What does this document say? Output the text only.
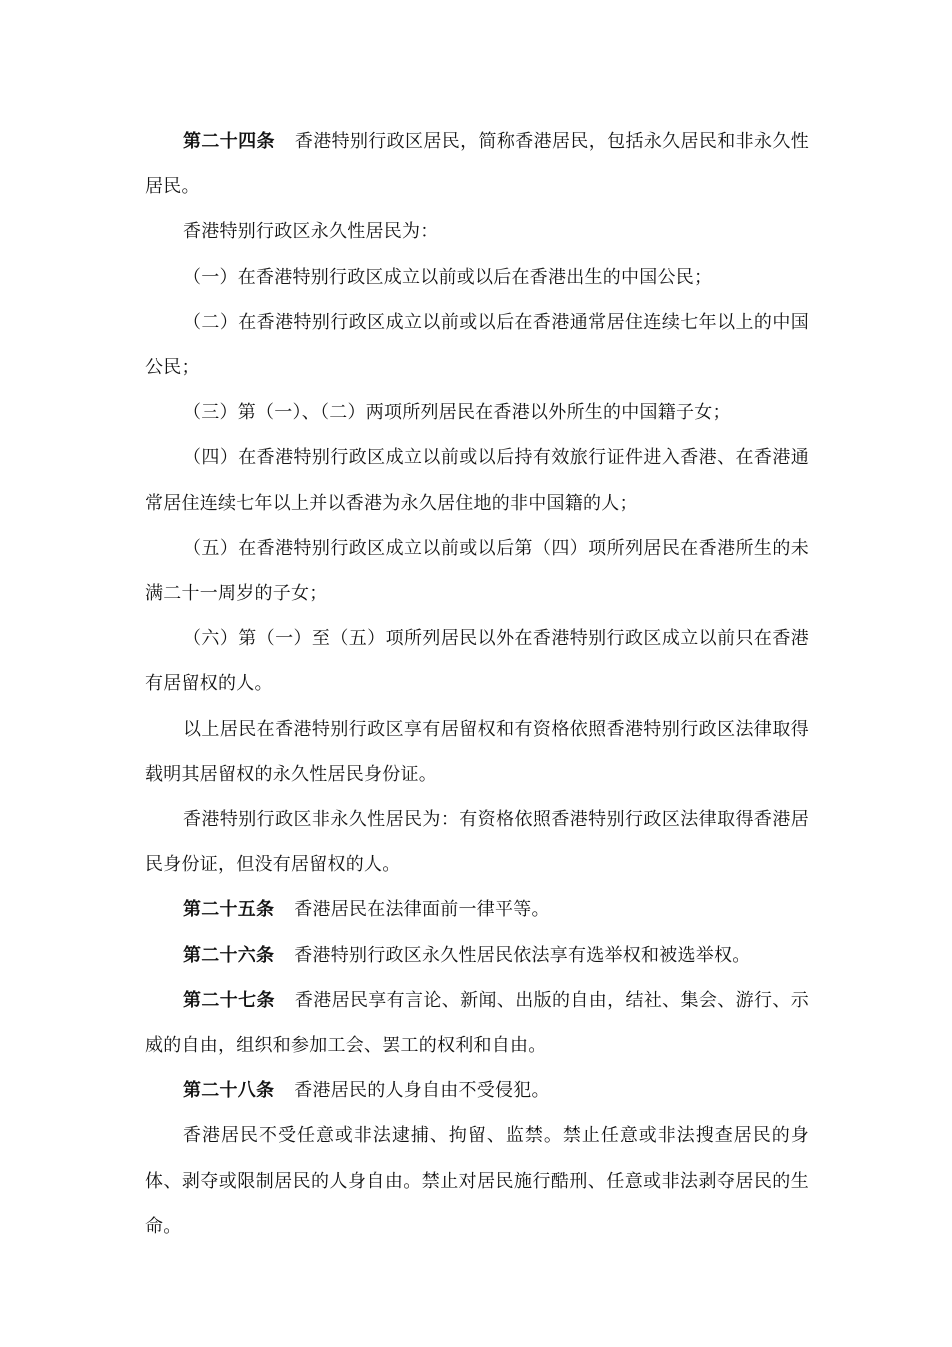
第二十四条 香港特别行政区居民，简称香港居民，包括永久居民和非永久性居民。

香港特别行政区永久性居民为：

（一）在香港特别行政区成立以前或以后在香港出生的中国公民；

（二）在香港特别行政区成立以前或以后在香港通常居住连续七年以上的中国公民；

（三）第（一）、（二）两项所列居民在香港以外所生的中国籍子女；

（四）在香港特别行政区成立以前或以后持有效旅行证件进入香港、在香港通常居住连续七年以上并以香港为永久居住地的非中国籍的人；

（五）在香港特别行政区成立以前或以后第（四）项所列居民在香港所生的未满二十一周岁的子女；

（六）第（一）至（五）项所列居民以外在香港特别行政区成立以前只在香港有居留权的人。

以上居民在香港特别行政区享有居留权和有资格依照香港特别行政区法律取得载明其居留权的永久性居民身份证。

香港特别行政区非永久性居民为：有资格依照香港特别行政区法律取得香港居民身份证，但没有居留权的人。

第二十五条 香港居民在法律面前一律平等。

第二十六条 香港特别行政区永久性居民依法享有选举权和被选举权。

第二十七条 香港居民享有言论、新闻、出版的自由，结社、集会、游行、示威的自由，组织和参加工会、罢工的权利和自由。

第二十八条 香港居民的人身自由不受侵犯。

香港居民不受任意或非法逮捕、拘留、监禁。禁止任意或非法搜查居民的身体、剥夺或限制居民的人身自由。禁止对居民施行酷刑、任意或非法剥夺居民的生命。
